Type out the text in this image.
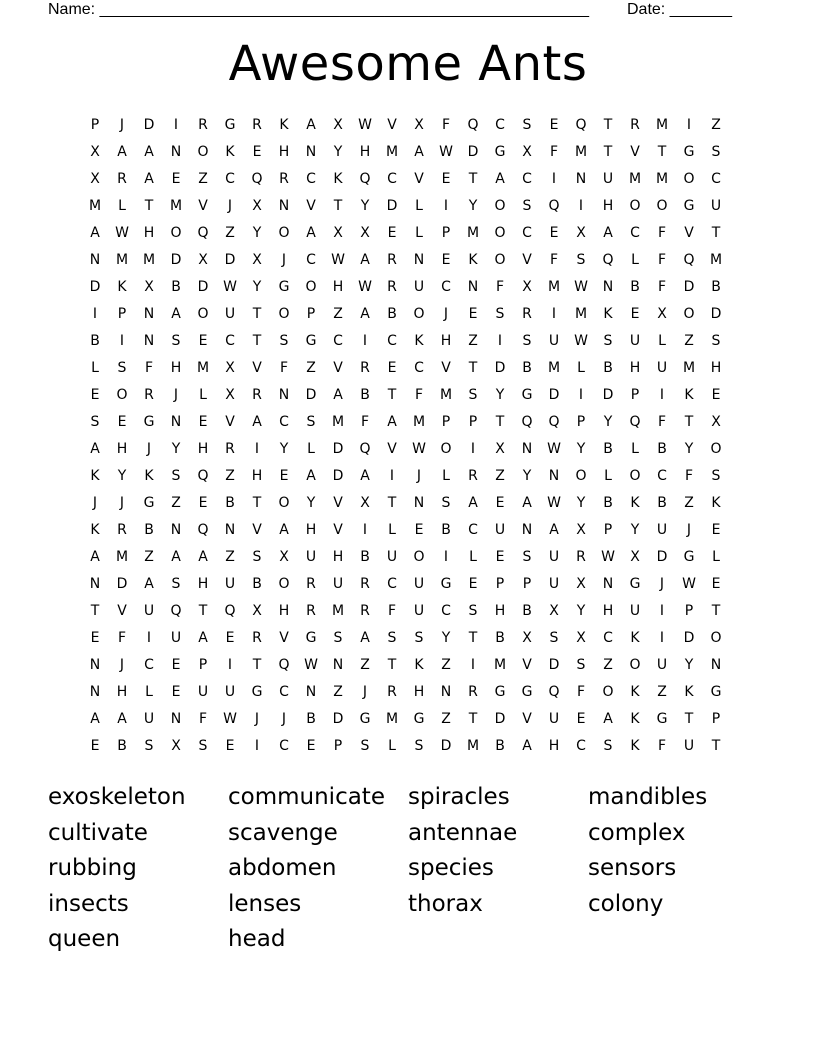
Name: _______________________________________________________ Date: _______
Awesome Ants
P	J	D	I	R	G	R	K	A	X	W	V	X	F	Q	C	S	E	Q	T	R	M	I	Z
X	A	A	N	O	K	E	H	N	Y	H	M	A	W D	G	X	F	M	T	V	T	G	S
X	R	A	E	Z	C	Q	R	C	K	Q	C	V	E	T	A	C	I	N	U	M M	O	C
M	L	T	M	V	J	X	N	V	T	Y	D	L	I	Y	O	S	Q	I	H	O	O	G	U
A	W H	O	Q	Z	Y	O	A	X	X	E	L	P	M	O	C	E	X	A	C	F	V	T
N	M M	D	X	D	X	J	C	W	A	R	N	E	K	O	V	F	S	Q	L	F	Q	M
D	K	X	B	D W	Y	G	O	H W	R	U	C	N	F	X	M W N	B	F	D	B
I	P	N	A	O	U	T	O	P	Z	A	B	O	J	E	S	R	I	M	K	E	X	O	D
B	I	N	S	E	C	T	S	G	C	I	C	K	H	Z	I	S	U W	S	U	L	Z	S
L	S	F	H	M	X	V	F	Z	V	R	E	C	V	T	D	B	M	L	B	H	U	M	H
E	O	R	J	L	X	R	N	D	A	B	T	F	M	S	Y	G	D	I	D	P	I	K	E
S	E	G	N	E	V	A	C	S	M	F	A	M	P	P	T	Q	Q	P	Y	Q	F	T	X
A	H	J	Y	H	R	I	Y	L	D	Q	V	W O	I	X	N W	Y	B	L	B	Y	O
K	Y	K	S	Q	Z	H	E	A	D	A	I	J	L	R	Z	Y	N	O	L	O	C	F	S
J	J	G	Z	E	B	T	O	Y	V	X	T	N	S	A	E	A	W	Y	B	K	B	Z	K
K	R	B	N	Q	N	V	A	H	V	I	L	E	B	C	U	N	A	X	P	Y	U	J	E
A	M	Z	A	A	Z	S	X	U	H	B	U	O	I	L	E	S	U	R	W	X	D	G	L
N	D	A	S	H	U	B	O	R	U	R	C	U	G	E	P	P	U	X	N	G	J	W	E
T	V	U	Q	T	Q	X	H	R	M	R	F	U	C	S	H	B	X	Y	H	U	I	P	T
E	F	I	U	A	E	R	V	G	S	A	S	S	Y	T	B	X	S	X	C	K	I	D	O
N	J	C	E	P	I	T	Q W N	Z	T	K	Z	I	M	V	D	S	Z	O	U	Y	N
N	H	L	E	U	U	G	C	N	Z	J	R	H	N	R	G	G	Q	F	O	K	Z	K	G
A	A	U	N	F	W	J	J	B	D	G	M	G	Z	T	D	V	U	E	A	K	G	T	P
E	B	S	X	S	E	I	C	E	P	S	L	S	D	M	B	A	H	C	S	K	F	U	T
exoskeleton	communicate	spiracles	mandibles
cultivate	scavenge	antennae	complex
rubbing	abdomen	species	sensors
insects	lenses	thorax	colony
queen	head
